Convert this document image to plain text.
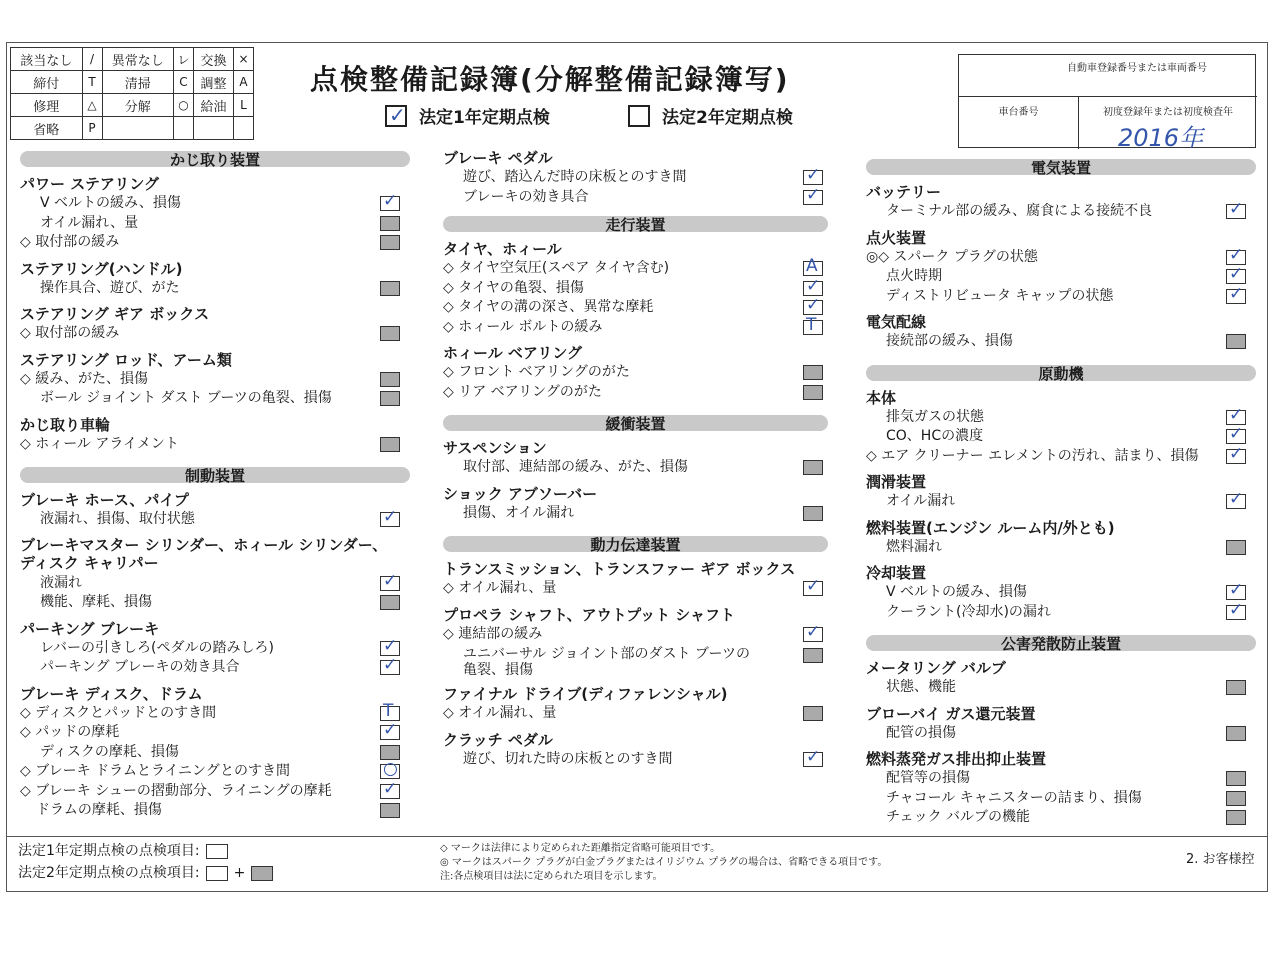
該当なし	/	異常なし	レ	交換	×
締付	T	清掃	C	調整	A
修理	△	分解	○	給油	L
省略	P				
点検整備記録簿(分解整備記録簿写)
✓ 法定1年定期点検	法定2年定期点検
自動車登録番号または車両番号
車台番号	初度登録年または初度検査年
2016年
かじ取り装置
パワー ステアリング
V ベルトの緩み、損傷	✓
オイル漏れ、量
◇ 取付部の緩み
ステアリング(ハンドル)
操作具合、遊び、がた
ステアリング ギア ボックス
◇ 取付部の緩み
ステアリング ロッド、アーム類
◇ 緩み、がた、損傷
ボール ジョイント ダスト ブーツの亀裂、損傷
かじ取り車輪
◇ ホィール アライメント
制動装置
ブレーキ ホース、パイプ
液漏れ、損傷、取付状態	✓
ブレーキマスター シリンダー、ホィール シリンダー、ディスク キャリパー
液漏れ	✓
機能、摩耗、損傷
パーキング ブレーキ
レバーの引きしろ(ペダルの踏みしろ)	✓
パーキング ブレーキの効き具合	✓
ブレーキ ディスク、ドラム
◇ ディスクとパッドとのすき間	T
◇ パッドの摩耗	✓
ディスクの摩耗、損傷
◇ ブレーキ ドラムとライニングとのすき間	○
◇ ブレーキ シューの摺動部分、ライニングの摩耗	✓
ドラムの摩耗、損傷
ブレーキ ペダル
遊び、踏込んだ時の床板とのすき間	✓
ブレーキの効き具合	✓
走行装置
タイヤ、ホィール
◇ タイヤ空気圧(スペア タイヤ含む)	A
◇ タイヤの亀裂、損傷	✓
◇ タイヤの溝の深さ、異常な摩耗	✓
◇ ホィール ボルトの緩み	T
ホィール ベアリング
◇ フロント ベアリングのがた
◇ リア ベアリングのがた
緩衝装置
サスペンション
取付部、連結部の緩み、がた、損傷
ショック アブソーバー
損傷、オイル漏れ
動力伝達装置
トランスミッション、トランスファー ギア ボックス
◇ オイル漏れ、量	✓
プロペラ シャフト、アウトプット シャフト
◇ 連結部の緩み	✓
ユニバーサル ジョイント部のダスト ブーツの亀裂、損傷
ファイナル ドライブ(ディファレンシャル)
◇ オイル漏れ、量
クラッチ ペダル
遊び、切れた時の床板とのすき間	✓
電気装置
バッテリー
ターミナル部の緩み、腐食による接続不良	✓
点火装置
◎◇ スパーク プラグの状態	✓
点火時期	✓
ディストリビュータ キャップの状態	✓
電気配線
接続部の緩み、損傷
原動機
本体
排気ガスの状態	✓
CO、HCの濃度	✓
◇ エア クリーナー エレメントの汚れ、詰まり、損傷 ✓
潤滑装置
オイル漏れ	✓
燃料装置(エンジン ルーム内/外とも)
燃料漏れ
冷却装置
V ベルトの緩み、損傷	✓
クーラント(冷却水)の漏れ	✓
公害発散防止装置
メータリング バルブ
状態、機能
ブローバイ ガス還元装置
配管の損傷
燃料蒸発ガス排出抑止装置
配管等の損傷
チャコール キャニスターの詰まり、損傷
チェック バルブの機能
法定1年定期点検の点検項目:
法定2年定期点検の点検項目: +
◇ マークは法律により定められた距離指定省略可能項目です。
◎ マークはスパーク プラグが白金プラグまたはイリジウム プラグの場合は、省略できる項目です。
注:各点検項目は法に定められた項目を示します。
2. お客様控
